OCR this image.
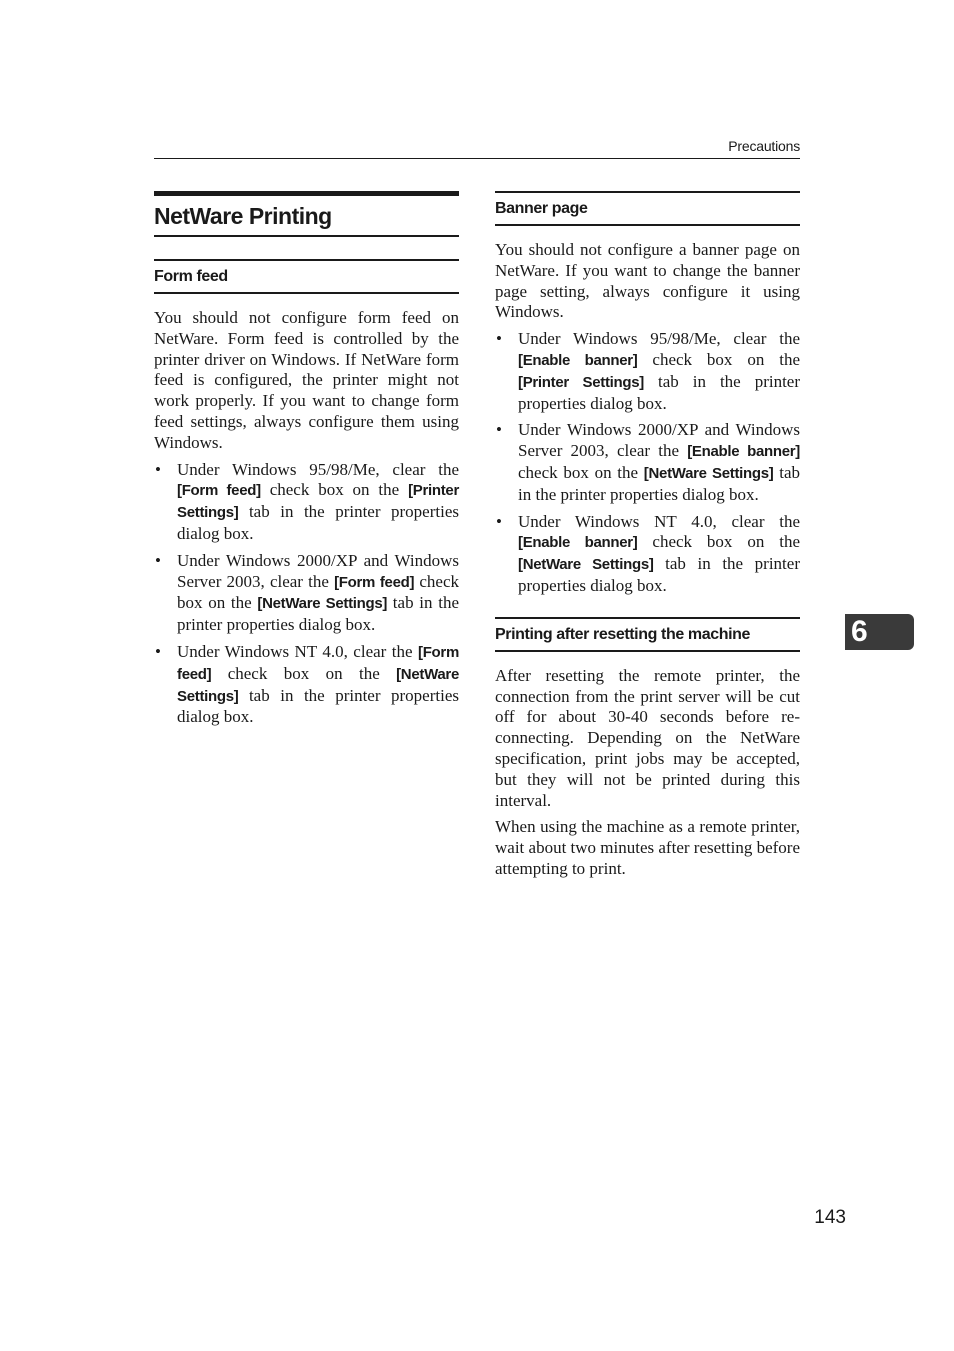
Precautions
NetWare Printing
Form feed

You should not configure form feed on NetWare. Form feed is controlled by the printer driver on Windows. If NetWare form feed is configured, the printer might not work properly. If you want to change form feed settings, always configure them using Windows.

• Under Windows 95/98/Me, clear the [Form feed] check box on the [Printer Settings] tab in the printer properties dialog box.
• Under Windows 2000/XP and Windows Server 2003, clear the [Form feed] check box on the [NetWare Settings] tab in the printer properties dialog box.
• Under Windows NT 4.0, clear the [Form feed] check box on the [NetWare Settings] tab in the printer properties dialog box.
Banner page

You should not configure a banner page on NetWare. If you want to change the banner page setting, always configure it using Windows.

• Under Windows 95/98/Me, clear the [Enable banner] check box on the [Printer Settings] tab in the printer properties dialog box.
• Under Windows 2000/XP and Windows Server 2003, clear the [Enable banner] check box on the [NetWare Settings] tab in the printer properties dialog box.
• Under Windows NT 4.0, clear the [Enable banner] check box on the [NetWare Settings] tab in the printer properties dialog box.
Printing after resetting the machine

After resetting the remote printer, the connection from the print server will be cut off for about 30-40 seconds before re-connecting. Depending on the NetWare specification, print jobs may be accepted, but they will not be printed during this interval.

When using the machine as a remote printer, wait about two minutes after resetting before attempting to print.

6
143
